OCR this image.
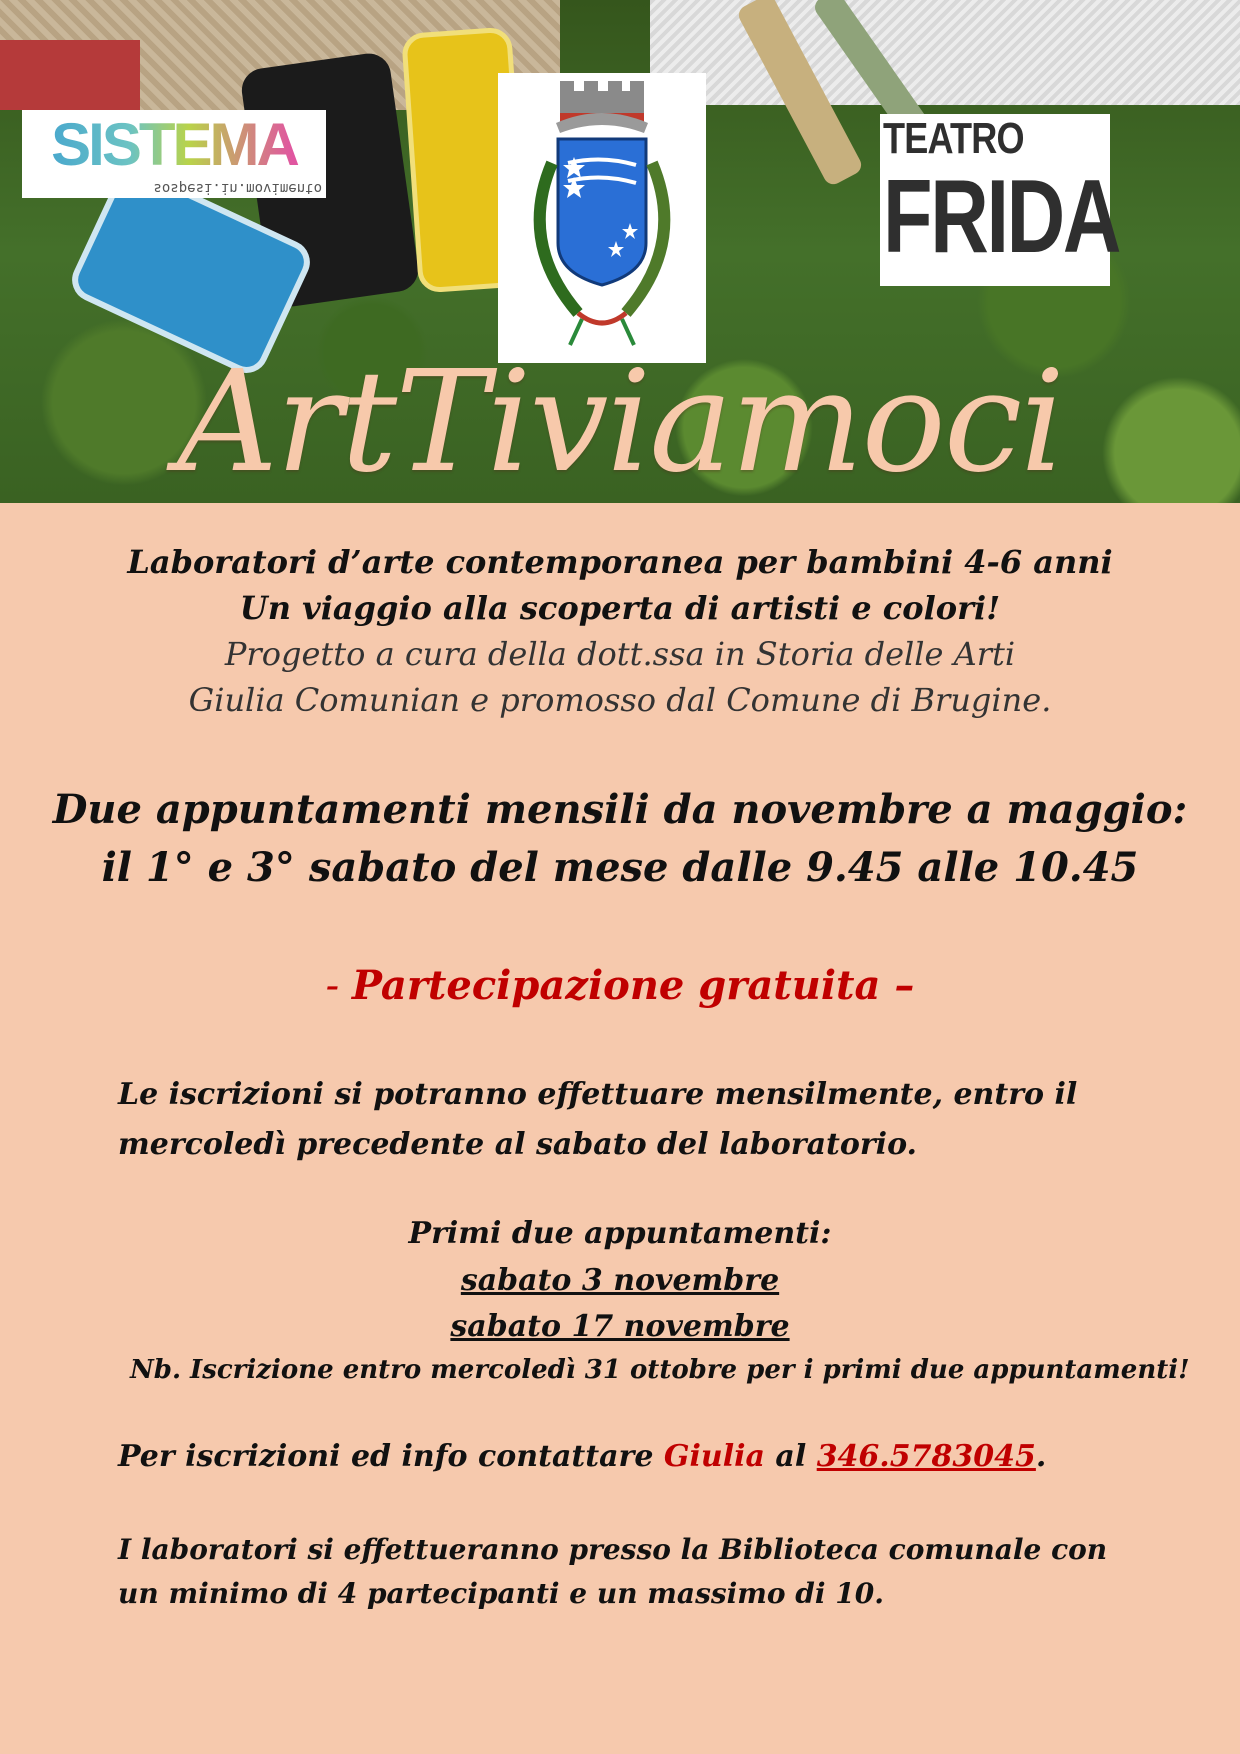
SISTEMA
sospesi.in.movimento
TEATRO
FRIDA
ArtTiviamoci
Laboratori d’arte contemporanea per bambini 4-6 anni
Un viaggio alla scoperta di artisti e colori!
Progetto a cura della dott.ssa in Storia delle Arti
Giulia Comunian e promosso dal Comune di Brugine.
Due appuntamenti mensili da novembre a maggio:
il 1° e 3° sabato del mese dalle 9.45 alle 10.45
- Partecipazione gratuita –
Le iscrizioni si potranno effettuare mensilmente, entro il mercoledì precedente al sabato del laboratorio.
Primi due appuntamenti:
sabato 3 novembre
sabato 17 novembre
Nb. Iscrizione entro mercoledì 31 ottobre per i primi due appuntamenti!
Per iscrizioni ed info contattare Giulia al 346.5783045.
I laboratori si effettueranno presso la Biblioteca comunale con un minimo di 4 partecipanti e un massimo di 10.
